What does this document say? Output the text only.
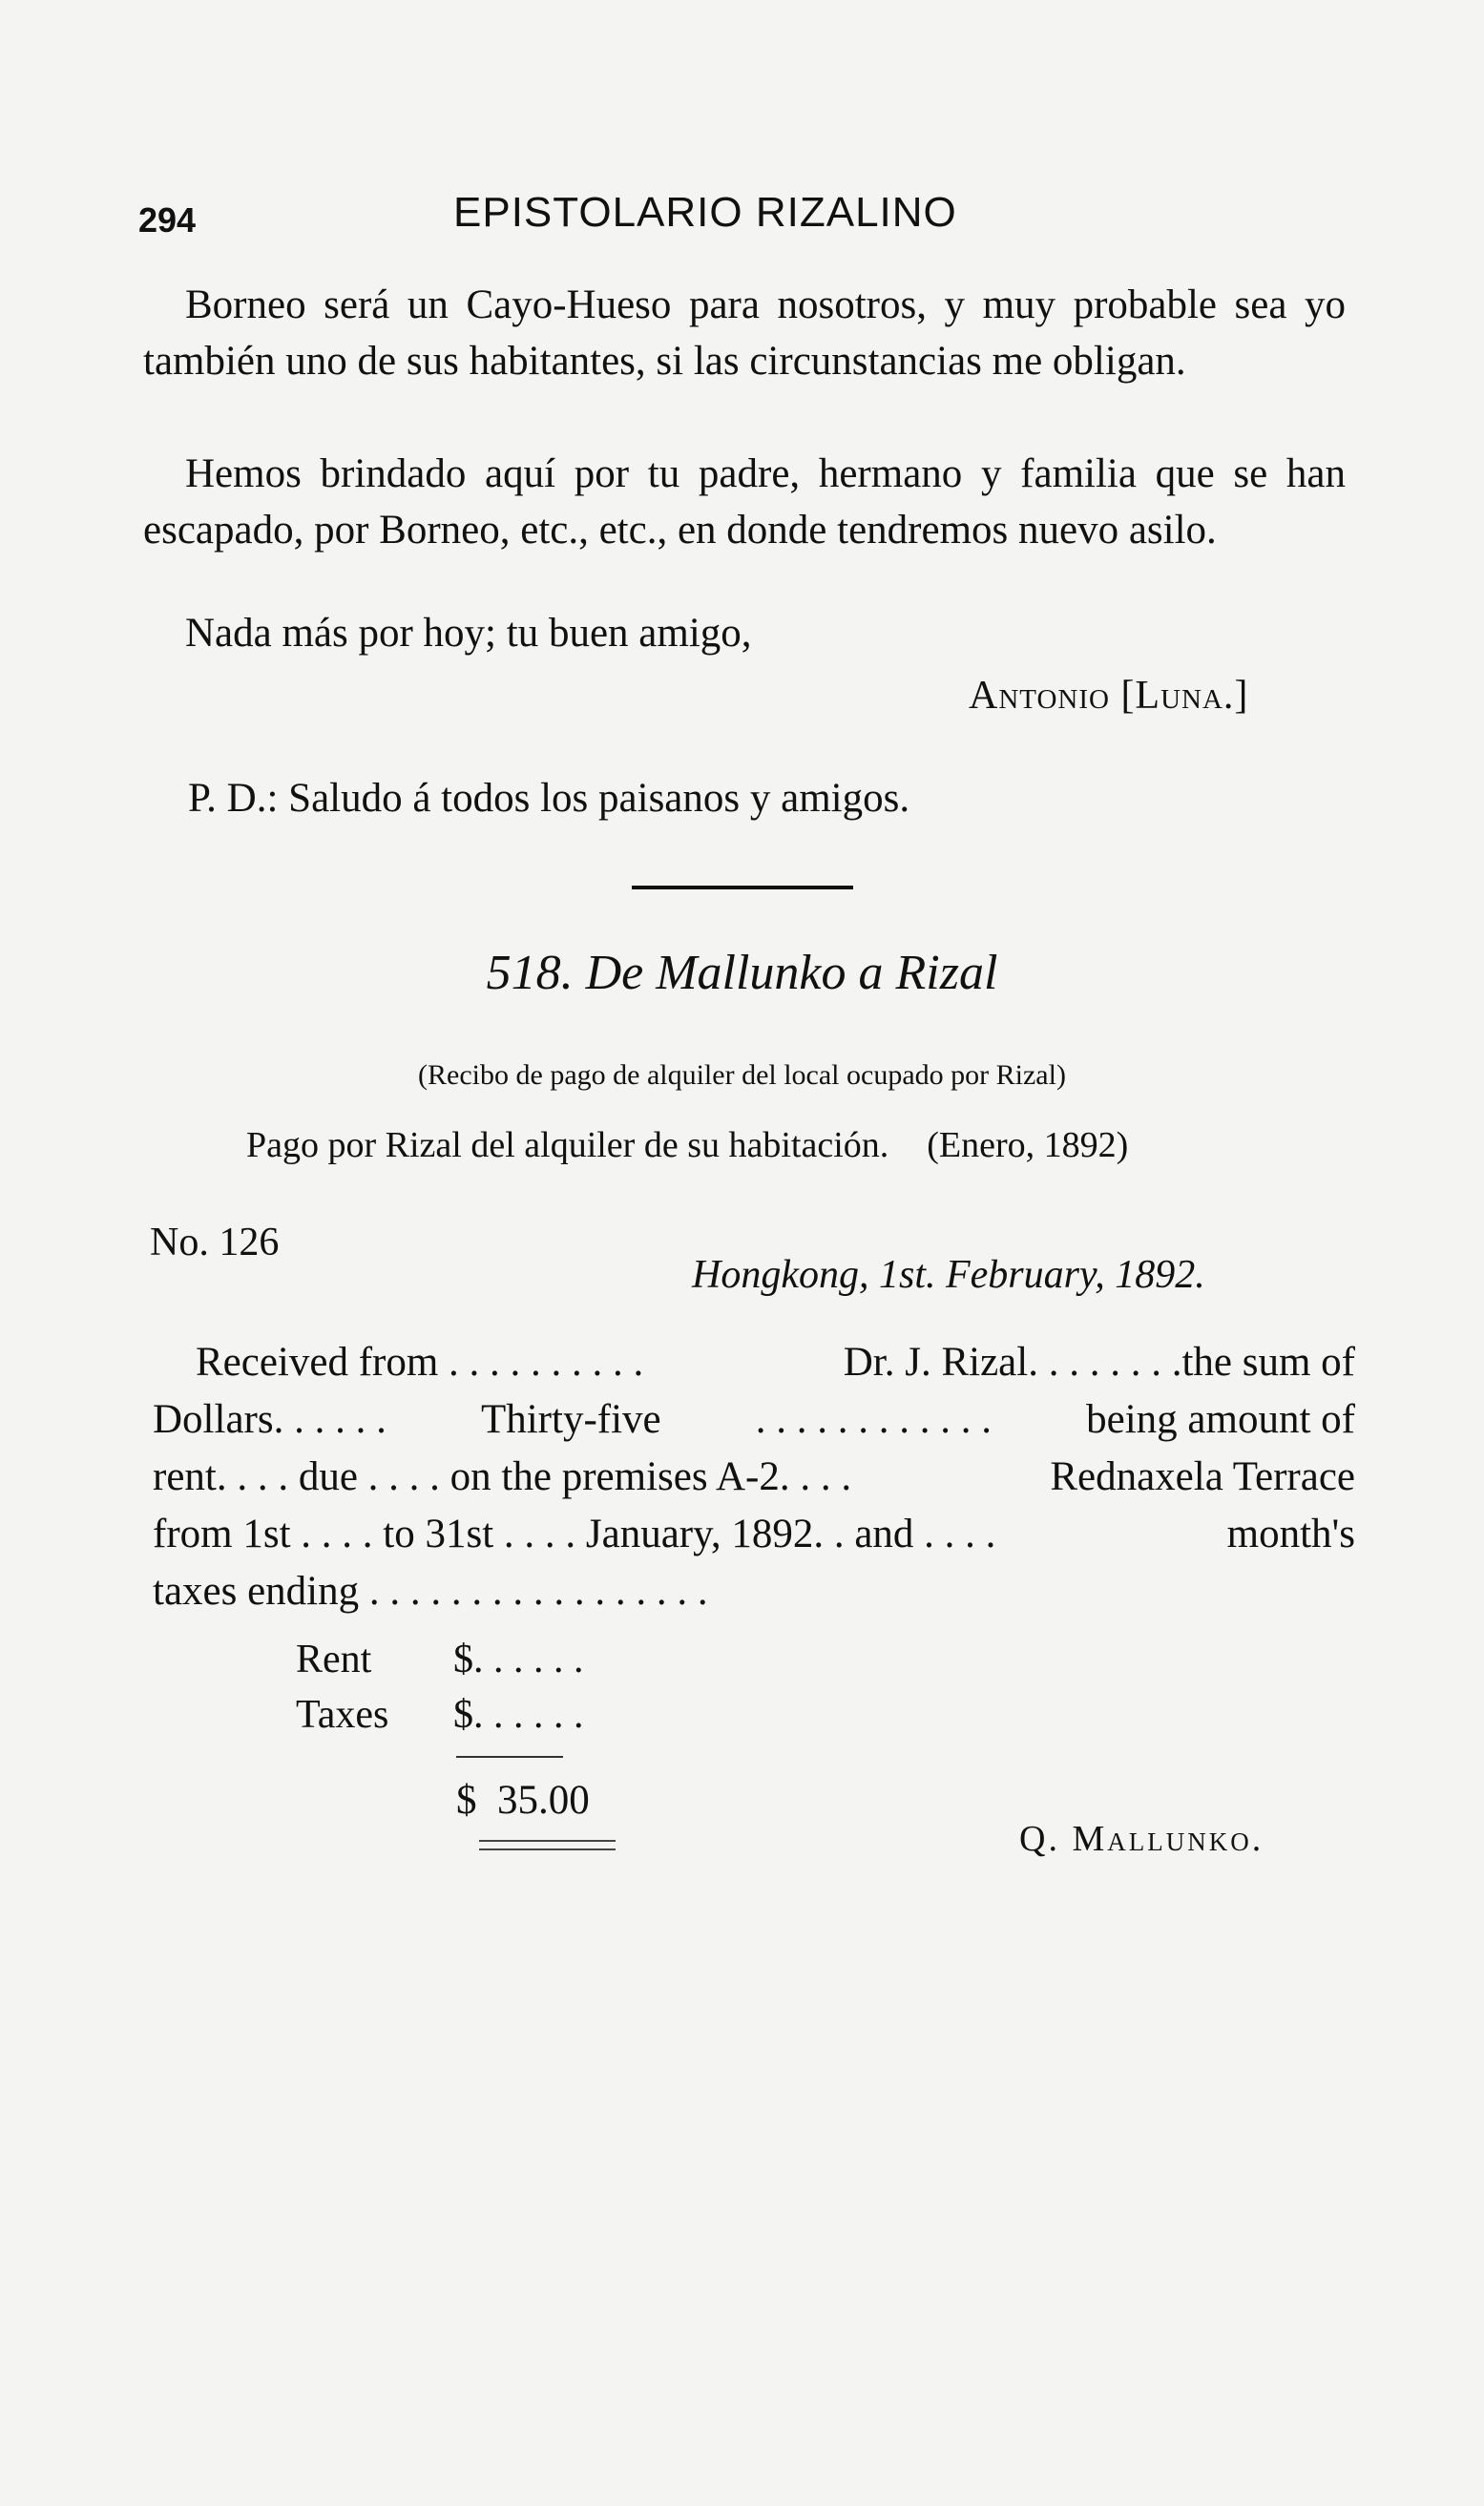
294	EPISTOLARIO RIZALINO

Borneo será un Cayo-Hueso para nosotros, y muy probable sea yo también uno de sus habitantes, si las circunstancias me obligan.

Hemos brindado aquí por tu padre, hermano y familia que se han escapado, por Borneo, etc., etc., en donde tendremos nuevo asilo.

Nada más por hoy; tu buen amigo,

Antonio [Luna.]
P. D.: Saludo á todos los paisanos y amigos.
518. De Mallunko a Rizal
(Recibo de pago de alquiler del local ocupado por Rizal)
Pago por Rizal del alquiler de su habitación. (Enero, 1892)
No. 126
Hongkong, 1st. February, 1892.
Received from . . . . . . . . . .	Dr. J. Rizal. . . . . . . .the sum of
Dollars. . . . . . Thirty-five . . . . . . . . . . . . being amount of
rent. . . . due . . . . on the premises A-2. . . .	Rednaxela Terrace
from 1st . . . . to 31st . . . . January, 1892. . and . . . .	month's
taxes ending . . . . . . . . . . . . . . . . .
Rent	$. . . . . .
Taxes	$. . . . . .
$  35.00
Q. Mallunko.
